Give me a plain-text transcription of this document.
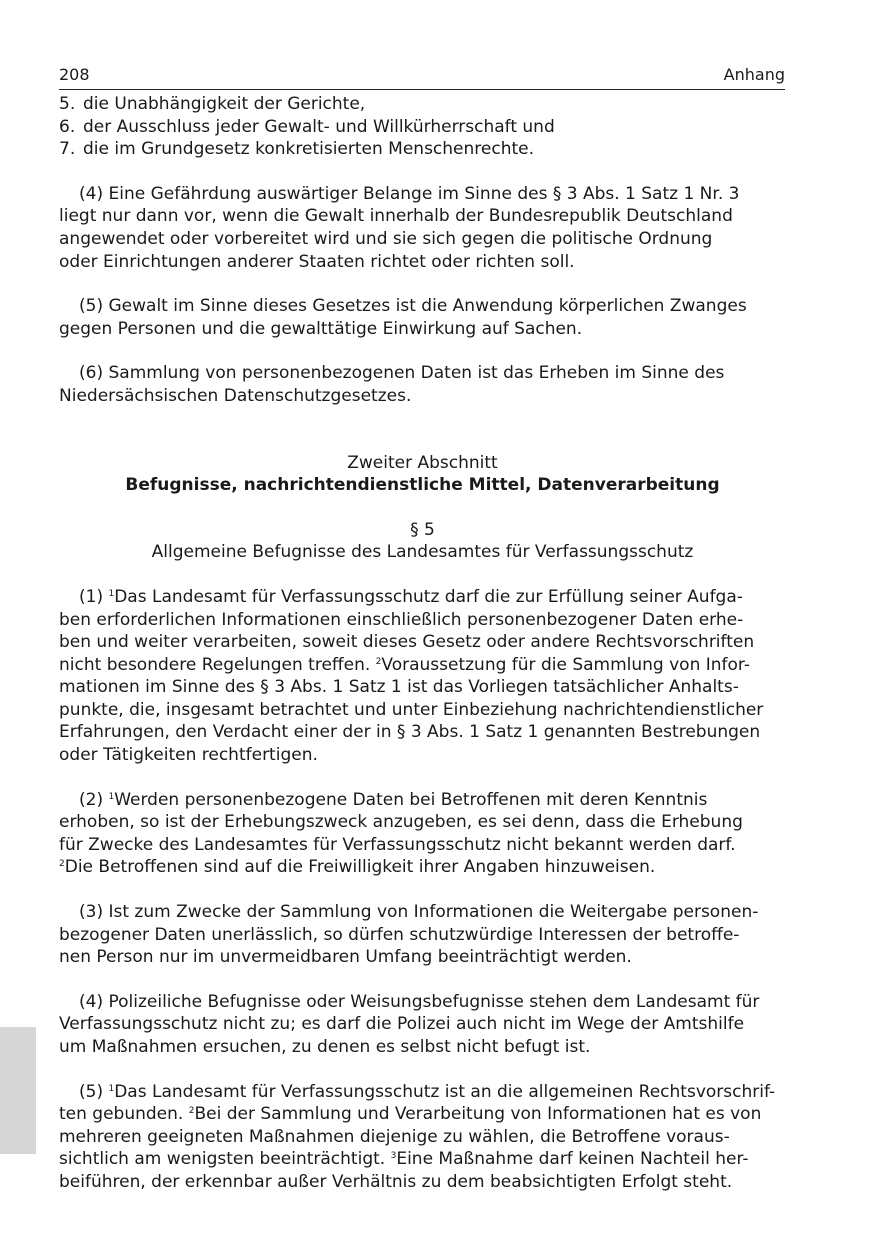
208	Anhang
5. die Unabhängigkeit der Gerichte,
6. der Ausschluss jeder Gewalt- und Willkürherrschaft und
7. die im Grundgesetz konkretisierten Menschenrechte.

(4) Eine Gefährdung auswärtiger Belange im Sinne des § 3 Abs. 1 Satz 1 Nr. 3
liegt nur dann vor, wenn die Gewalt innerhalb der Bundesrepublik Deutschland
angewendet oder vorbereitet wird und sie sich gegen die politische Ordnung
oder Einrichtungen anderer Staaten richtet oder richten soll.

(5) Gewalt im Sinne dieses Gesetzes ist die Anwendung körperlichen Zwanges
gegen Personen und die gewalttätige Einwirkung auf Sachen.

(6) Sammlung von personenbezogenen Daten ist das Erheben im Sinne des
Niedersächsischen Datenschutzgesetzes.

Zweiter Abschnitt

Befugnisse, nachrichtendienstliche Mittel, Datenverarbeitung

§ 5

Allgemeine Befugnisse des Landesamtes für Verfassungsschutz

(1) $^1$Das Landesamt für Verfassungsschutz darf die zur Erfüllung seiner Aufga-
ben erforderlichen Informationen einschließlich personenbezogener Daten erhe-
ben und weiter verarbeiten, soweit dieses Gesetz oder andere Rechtsvorschriften
nicht besondere Regelungen treffen. $^2$Voraussetzung für die Sammlung von Infor-
mationen im Sinne des § 3 Abs. 1 Satz 1 ist das Vorliegen tatsächlicher Anhalts-
punkte, die, insgesamt betrachtet und unter Einbeziehung nachrichtendienstlicher
Erfahrungen, den Verdacht einer der in § 3 Abs. 1 Satz 1 genannten Bestrebungen
oder Tätigkeiten rechtfertigen.

(2) $^1$Werden personenbezogene Daten bei Betroffenen mit deren Kenntnis
erhoben, so ist der Erhebungszweck anzugeben, es sei denn, dass die Erhebung
für Zwecke des Landesamtes für Verfassungsschutz nicht bekannt werden darf.
$^2$Die Betroffenen sind auf die Freiwilligkeit ihrer Angaben hinzuweisen.

(3) Ist zum Zwecke der Sammlung von Informationen die Weitergabe personen-
bezogener Daten unerlässlich, so dürfen schutzwürdige Interessen der betroffe-
nen Person nur im unvermeidbaren Umfang beeinträchtigt werden.

(4) Polizeiliche Befugnisse oder Weisungsbefugnisse stehen dem Landesamt für
Verfassungsschutz nicht zu; es darf die Polizei auch nicht im Wege der Amtshilfe
um Maßnahmen ersuchen, zu denen es selbst nicht befugt ist.

(5) $^1$Das Landesamt für Verfassungsschutz ist an die allgemeinen Rechtsvorschrif-
ten gebunden. $^2$Bei der Sammlung und Verarbeitung von Informationen hat es von
mehreren geeigneten Maßnahmen diejenige zu wählen, die Betroffene voraus-
sichtlich am wenigsten beeinträchtigt. $^3$Eine Maßnahme darf keinen Nachteil her-
beiführen, der erkennbar außer Verhältnis zu dem beabsichtigten Erfolgt steht.
